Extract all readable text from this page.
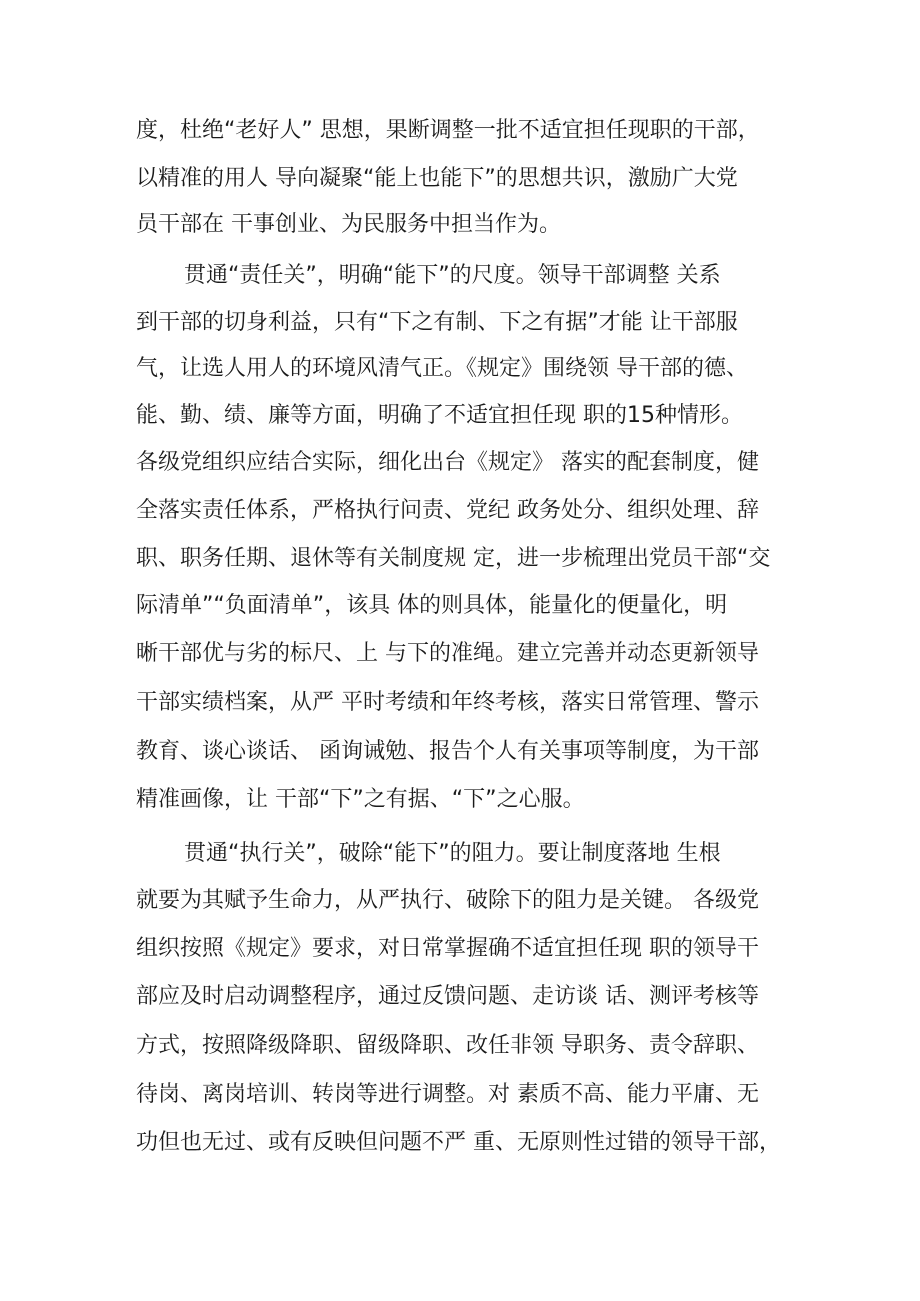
度，杜绝“老好人” 思想，果断调整一批不适宜担任现职的干部，
以精准的用人 导向凝聚“能上也能下”的思想共识，激励广大党
员干部在 干事创业、为民服务中担当作为。
贯通“责任关”，明确“能下”的尺度。领导干部调整 关系
到干部的切身利益，只有“下之有制、下之有据”才能 让干部服
气，让选人用人的环境风清气正。《规定》围绕领 导干部的德、
能、勤、绩、廉等方面，明确了不适宜担任现 职的15种情形。
各级党组织应结合实际，细化出台《规定》 落实的配套制度，健
全落实责任体系，严格执行问责、党纪 政务处分、组织处理、辞
职、职务任期、退休等有关制度规 定，进一步梳理出党员干部“交
际清单”“负面清单”，该具 体的则具体，能量化的便量化，明
晰干部优与劣的标尺、上 与下的准绳。建立完善并动态更新领导
干部实绩档案，从严 平时考绩和年终考核，落实日常管理、警示
教育、谈心谈话、 函询诫勉、报告个人有关事项等制度，为干部
精准画像，让 干部“下”之有据、“下”之心服。
贯通“执行关”，破除“能下”的阻力。要让制度落地 生根
就要为其赋予生命力，从严执行、破除下的阻力是关键。 各级党
组织按照《规定》要求，对日常掌握确不适宜担任现 职的领导干
部应及时启动调整程序，通过反馈问题、走访谈 话、测评考核等
方式，按照降级降职、留级降职、改任非领 导职务、责令辞职、
待岗、离岗培训、转岗等进行调整。对 素质不高、能力平庸、无
功但也无过、或有反映但问题不严 重、无原则性过错的领导干部，
